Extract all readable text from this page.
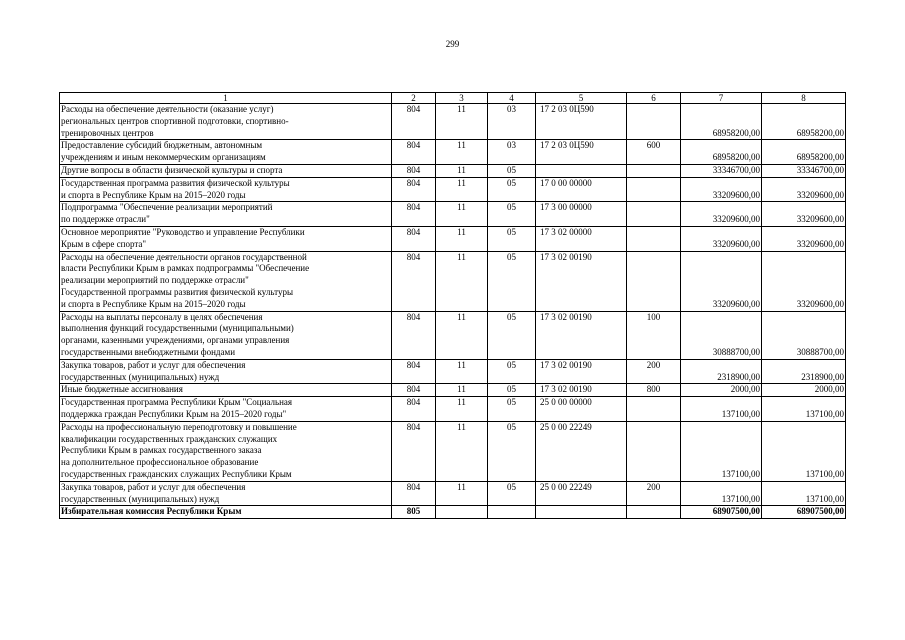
299
1	2	3	4	5	6	7	8

Расходы на обеспечение деятельности (оказание услуг)
региональных центров спортивной подготовки, спортивно-
тренировочных центров	804	11	03	17 2 03 0Ц590		68958200,00	68958200,00

Предоставление субсидий бюджетным, автономным
учреждениям и иным некоммерческим организациям	804	11	03	17 2 03 0Ц590	600	68958200,00	68958200,00

Другие вопросы в области физической культуры и спорта	804	11	05			33346700,00	33346700,00

Государственная программа развития физической культуры
и спорта в Республике Крым на 2015–2020 годы	804	11	05	17 0 00 00000		33209600,00	33209600,00

Подпрограмма "Обеспечение реализации мероприятий
по поддержке отрасли"	804	11	05	17 3 00 00000		33209600,00	33209600,00

Основное мероприятие "Руководство и управление Республики
Крым в сфере спорта"	804	11	05	17 3 02 00000		33209600,00	33209600,00

Расходы на обеспечение деятельности органов государственной
власти Республики Крым в рамках подпрограммы "Обеспечение
реализации мероприятий по поддержке отрасли"
Государственной программы развития физической культуры
и спорта в Республике Крым на 2015–2020 годы	804	11	05	17 3 02 00190		33209600,00	33209600,00

Расходы на выплаты персоналу в целях обеспечения
выполнения функций государственными (муниципальными)
органами, казенными учреждениями, органами управления
государственными внебюджетными фондами	804	11	05	17 3 02 00190	100	30888700,00	30888700,00

Закупка товаров, работ и услуг для обеспечения
государственных (муниципальных) нужд	804	11	05	17 3 02 00190	200	2318900,00	2318900,00

Иные бюджетные ассигнования	804	11	05	17 3 02 00190	800	2000,00	2000,00

Государственная программа Республики Крым "Социальная
поддержка граждан Республики Крым на 2015–2020 годы"	804	11	05	25 0 00 00000		137100,00	137100,00

Расходы на профессиональную переподготовку и повышение
квалификации государственных гражданских служащих
Республики Крым в рамках государственного заказа
на дополнительное профессиональное образование
государственных гражданских служащих Республики Крым	804	11	05	25 0 00 22249		137100,00	137100,00

Закупка товаров, работ и услуг для обеспечения
государственных (муниципальных) нужд	804	11	05	25 0 00 22249	200	137100,00	137100,00

Избирательная комиссия Республики Крым	805					68907500,00	68907500,00
